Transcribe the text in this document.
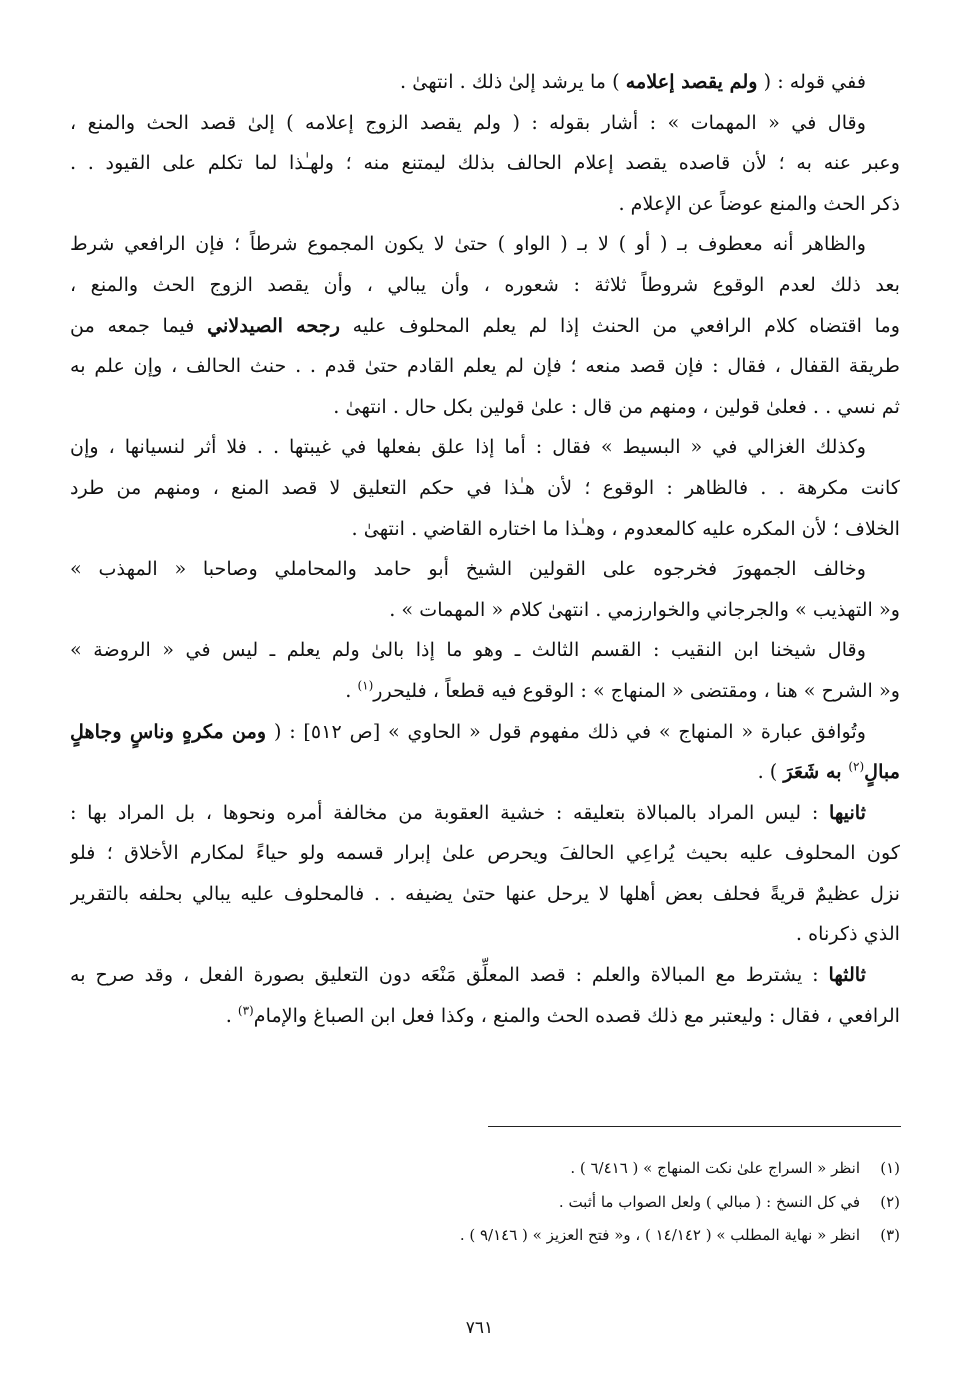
ففي قوله : ( ولم يقصد إعلامه ) ما يرشد إلىٰ ذلك . انتهىٰ .
وقال في « المهمات » : أشار بقوله : ( ولم يقصد الزوج إعلامه ) إلىٰ قصد الحث والمنع ،
وعبر عنه به ؛ لأن قاصده يقصد إعلام الحالف بذلك ليمتنع منه ؛ ولهـٰذا لما تكلم على القيود . .
ذكر الحث والمنع عوضاً عن الإعلام .
والظاهر أنه معطوف بـ ( أو ) لا بـ ( الواو ) حتىٰ لا يكون المجموع شرطاً ؛ فإن الرافعي شرط
بعد ذلك لعدم الوقوع شروطاً ثلاثة : شعوره ، وأن يبالي ، وأن يقصد الزوج الحث والمنع ،
وما اقتضاه كلام الرافعي من الحنث إذا لم يعلم المحلوف عليه رجحه الصيدلاني فيما جمعه من
طريقة القفال ، فقال : فإن قصد منعه ؛ فإن لم يعلم القادم حتىٰ قدم . . حنث الحالف ، وإن علم به
ثم نسي . . فعلىٰ قولين ، ومنهم من قال : علىٰ قولين بكل حال . انتهىٰ .
وكذلك الغزالي في « البسيط » فقال : أما إذا علق بفعلها في غيبتها . . فلا أثر لنسيانها ، وإن
كانت مكرهة . . فالظاهر : الوقوع ؛ لأن هـٰذا في حكم التعليق لا قصد المنع ، ومنهم من طرد
الخلاف ؛ لأن المكره عليه كالمعدوم ، وهـٰذا ما اختاره القاضي . انتهىٰ .
وخالف الجمهورَ فخرجوه على القولين الشيخ أبو حامد والمحاملي وصاحبا « المهذب »
و« التهذيب » والجرجاني والخوارزمي . انتهىٰ كلام « المهمات » .
وقال شيخنا ابن النقيب : القسم الثالث ـ وهو ما إذا بالىٰ ولم يعلم ـ ليس في « الروضة »
و« الشرح » هنا ، ومقتضى « المنهاج » : الوقوع فيه قطعاً ، فليحرر$^{(١)}$ .
وتُوافق عبارة « المنهاج » في ذلك مفهوم قول « الحاوي » [ص ٥١٢] : ( ومن مكرهٍ وناسٍ وجاهلٍ
مبالٍ$^{(٢)}$ به شَعَرَ ) .
ثانيها : ليس المراد بالمبالاة بتعليقه : خشية العقوبة من مخالفة أمره ونحوها ، بل المراد بها :
كون المحلوف عليه بحيث يُراعِي الحالفَ ويحرص علىٰ إبرار قسمه ولو حياءً لمكارم الأخلاق ؛ فلو
نزل عظيمٌ قريةً فحلف بعض أهلها لا يرحل عنها حتىٰ يضيفه . . فالمحلوف عليه يبالي بحلفه بالتقرير
الذي ذكرناه .
ثالثها : يشترط مع المبالاة والعلم : قصد المعلِّق مَنْعَه دون التعليق بصورة الفعل ، وقد صرح به
الرافعي ، فقال : وليعتبر مع ذلك قصده الحث والمنع ، وكذا فعل ابن الصباغ والإمام$^{(٣)}$ .
(١)انظر « السراج علىٰ نكت المنهاج » ( ٦/٤١٦ ) .
(٢)في كل النسخ : ( مبالي ) ولعل الصواب ما أثبت .
(٣)انظر « نهاية المطلب » ( ١٤/١٤٢ ) ، و« فتح العزيز » ( ٩/١٤٦ ) .
٧٦١
